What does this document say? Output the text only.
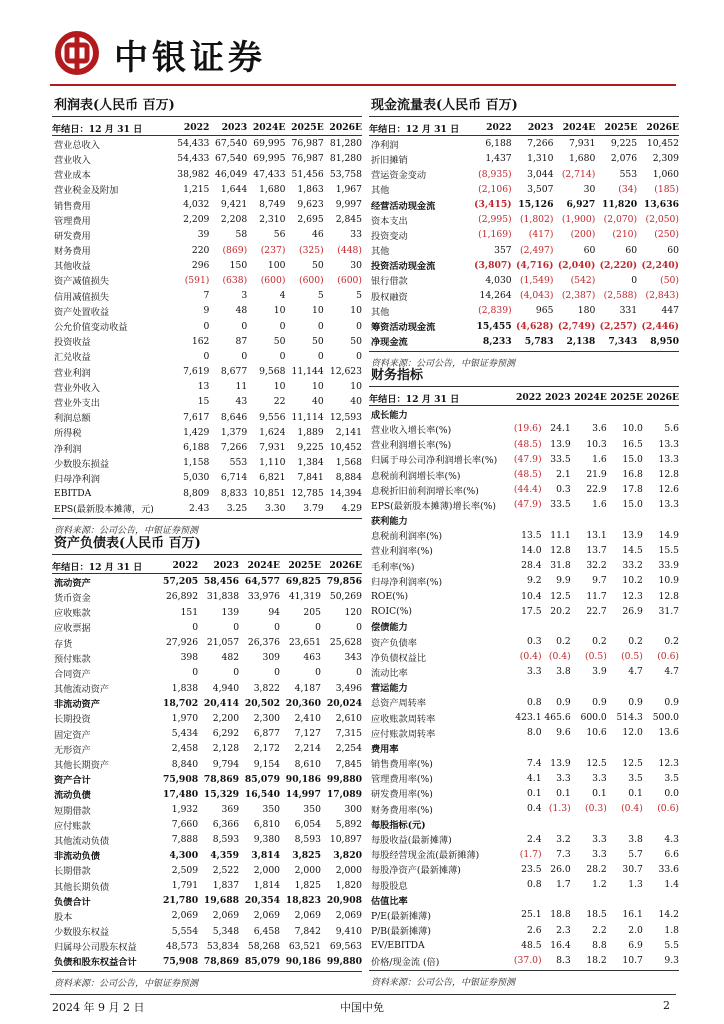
中银证券
利润表(人民币 百万)
年结日：12 月 31 日	2022	2023	2024E	2025E	2026E
营业总收入	54,433	67,540	69,995	76,987	81,280
营业收入	54,433	67,540	69,995	76,987	81,280
营业成本	38,982	46,049	47,433	51,456	53,758
营业税金及附加	1,215	1,644	1,680	1,863	1,967
销售费用	4,032	9,421	8,749	9,623	9,997
管理费用	2,209	2,208	2,310	2,695	2,845
研发费用	39	58	56	46	33
财务费用	220	(869)	(237)	(325)	(448)
其他收益	296	150	100	50	30
资产减值损失	(591)	(638)	(600)	(600)	(600)
信用减值损失	7	3	4	5	5
资产处置收益	9	48	10	10	10
公允价值变动收益	0	0	0	0	0
投资收益	162	87	50	50	50
汇兑收益	0	0	0	0	0
营业利润	7,619	8,677	9,568	11,144	12,623
营业外收入	13	11	10	10	10
营业外支出	15	43	22	40	40
利润总额	7,617	8,646	9,556	11,114	12,593
所得税	1,429	1,379	1,624	1,889	2,141
净利润	6,188	7,266	7,931	9,225	10,452
少数股东损益	1,158	553	1,110	1,384	1,568
归母净利润	5,030	6,714	6,821	7,841	8,884
EBITDA	8,809	8,833	10,851	12,785	14,394
EPS(最新股本摊薄，元)	2.43	3.25	3.30	3.79	4.29
资料来源：公司公告，中银证券预测
资产负债表(人民币 百万)
年结日：12 月 31 日	2022	2023	2024E	2025E	2026E
流动资产	57,205	58,456	64,577	69,825	79,856
货币资金	26,892	31,838	33,976	41,319	50,269
应收账款	151	139	94	205	120
应收票据	0	0	0	0	0
存货	27,926	21,057	26,376	23,651	25,628
预付账款	398	482	309	463	343
合同资产	0	0	0	0	0
其他流动资产	1,838	4,940	3,822	4,187	3,496
非流动资产	18,702	20,414	20,502	20,360	20,024
长期投资	1,970	2,200	2,300	2,410	2,610
固定资产	5,434	6,292	6,877	7,127	7,315
无形资产	2,458	2,128	2,172	2,214	2,254
其他长期资产	8,840	9,794	9,154	8,610	7,845
资产合计	75,908	78,869	85,079	90,186	99,880
流动负债	17,480	15,329	16,540	14,997	17,089
短期借款	1,932	369	350	350	300
应付账款	7,660	6,366	6,810	6,054	5,892
其他流动负债	7,888	8,593	9,380	8,593	10,897
非流动负债	4,300	4,359	3,814	3,825	3,820
长期借款	2,509	2,522	2,000	2,000	2,000
其他长期负债	1,791	1,837	1,814	1,825	1,820
负债合计	21,780	19,688	20,354	18,823	20,908
股本	2,069	2,069	2,069	2,069	2,069
少数股东权益	5,554	5,348	6,458	7,842	9,410
归属母公司股东权益	48,573	53,834	58,268	63,521	69,563
负债和股东权益合计	75,908	78,869	85,079	90,186	99,880
资料来源：公司公告，中银证券预测
现金流量表(人民币 百万)
年结日：12 月 31 日	2022	2023	2024E	2025E	2026E
净利润	6,188	7,266	7,931	9,225	10,452
折旧摊销	1,437	1,310	1,680	2,076	2,309
营运资金变动	(8,935)	3,044	(2,714)	553	1,060
其他	(2,106)	3,507	30	(34)	(185)
经营活动现金流	(3,415)	15,126	6,927	11,820	13,636
资本支出	(2,995)	(1,802)	(1,900)	(2,070)	(2,050)
投资变动	(1,169)	(417)	(200)	(210)	(250)
其他	357	(2,497)	60	60	60
投资活动现金流	(3,807)	(4,716)	(2,040)	(2,220)	(2,240)
银行借款	4,030	(1,549)	(542)	0	(50)
股权融资	14,264	(4,043)	(2,387)	(2,588)	(2,843)
其他	(2,839)	965	180	331	447
筹资活动现金流	15,455	(4,628)	(2,749)	(2,257)	(2,446)
净现金流	8,233	5,783	2,138	7,343	8,950
资料来源：公司公告，中银证券预测
财务指标
年结日：12 月 31 日	2022	2023	2024E	2025E	2026E
成长能力					
营业收入增长率(%)	(19.6)	24.1	3.6	10.0	5.6
营业利润增长率(%)	(48.5)	13.9	10.3	16.5	13.3
归属于母公司净利润增长率(%)	(47.9)	33.5	1.6	15.0	13.3
息税前利润增长率(%)	(48.5)	2.1	21.9	16.8	12.8
息税折旧前利润增长率(%)	(44.4)	0.3	22.9	17.8	12.6
EPS(最新股本摊薄)增长率(%)	(47.9)	33.5	1.6	15.0	13.3
获利能力					
息税前利润率(%)	13.5	11.1	13.1	13.9	14.9
营业利润率(%)	14.0	12.8	13.7	14.5	15.5
毛利率(%)	28.4	31.8	32.2	33.2	33.9
归母净利润率(%)	9.2	9.9	9.7	10.2	10.9
ROE(%)	10.4	12.5	11.7	12.3	12.8
ROIC(%)	17.5	20.2	22.7	26.9	31.7
偿债能力					
资产负债率	0.3	0.2	0.2	0.2	0.2
净负债权益比	(0.4)	(0.4)	(0.5)	(0.5)	(0.6)
流动比率	3.3	3.8	3.9	4.7	4.7
营运能力					
总资产周转率	0.8	0.9	0.9	0.9	0.9
应收账款周转率	423.1	465.6	600.0	514.3	500.0
应付账款周转率	8.0	9.6	10.6	12.0	13.6
费用率					
销售费用率(%)	7.4	13.9	12.5	12.5	12.3
管理费用率(%)	4.1	3.3	3.3	3.5	3.5
研发费用率(%)	0.1	0.1	0.1	0.1	0.0
财务费用率(%)	0.4	(1.3)	(0.3)	(0.4)	(0.6)
每股指标(元)					
每股收益(最新摊薄)	2.4	3.2	3.3	3.8	4.3
每股经营现金流(最新摊薄)	(1.7)	7.3	3.3	5.7	6.6
每股净资产(最新摊薄)	23.5	26.0	28.2	30.7	33.6
每股股息	0.8	1.7	1.2	1.3	1.4
估值比率					
P/E(最新摊薄)	25.1	18.8	18.5	16.1	14.2
P/B(最新摊薄)	2.6	2.3	2.2	2.0	1.8
EV/EBITDA	48.5	16.4	8.8	6.9	5.5
价格/现金流 (倍)	(37.0)	8.3	18.2	10.7	9.3
资料来源：公司公告，中银证券预测
2024 年 9 月 2 日	中国中免	2
